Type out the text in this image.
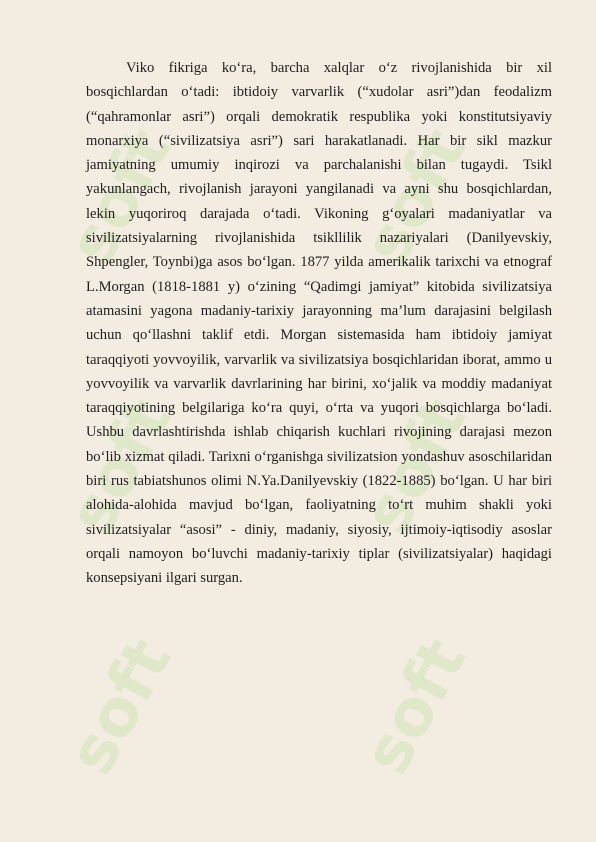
soft	soft
soft	soft
soft	soft

Viko fikriga ko‘ra, barcha xalqlar o‘z rivojlanishida bir xil bosqichlardan o‘tadi: ibtidoiy varvarlik (“xudolar asri”)dan feodalizm (“qahramonlar asri”) orqali demokratik respublika yoki konstitutsiyaviy monarxiya (“sivilizatsiya asri”) sari harakatlanadi. Har bir sikl mazkur jamiyatning umumiy inqirozi va parchalanishi bilan tugaydi. Tsikl yakunlangach, rivojlanish jarayoni yangilanadi va ayni shu bosqichlardan, lekin yuqoriroq darajada o‘tadi. Vikoning g‘oyalari madaniyatlar va sivilizatsiyalarning rivojlanishida tsikllilik nazariyalari (Danilyevskiy, Shpengler, Toynbi)ga asos bo‘lgan. 1877 yilda amerikalik tarixchi va etnograf L.Morgan (1818-1881 y) o‘zining “Qadimgi jamiyat” kitobida sivilizatsiya atamasini yagona madaniy-tarixiy jarayonning ma’lum darajasini belgilash uchun qo‘llashni taklif etdi. Morgan sistemasida ham ibtidoiy jamiyat taraqqiyoti yovvoyilik, varvarlik va sivilizatsiya bosqichlaridan iborat, ammo u yovvoyilik va varvarlik davrlarining har birini, xo‘jalik va moddiy madaniyat taraqqiyotining belgilariga ko‘ra quyi, o‘rta va yuqori bosqichlarga bo‘ladi. Ushbu davrlashtirishda ishlab chiqarish kuchlari rivojining darajasi mezon bo‘lib xizmat qiladi. Tarixni o‘rganishga sivilizatsion yondashuv asoschilaridan biri rus tabiatshunos olimi N.Ya.Danilyevskiy (1822-1885) bo‘lgan. U har biri alohida-alohida mavjud bo‘lgan, faoliyatning to‘rt muhim shakli yoki sivilizatsiyalar “asosi” - diniy, madaniy, siyosiy, ijtimoiy-iqtisodiy asoslar orqali namoyon bo‘luvchi madaniy-tarixiy tiplar (sivilizatsiyalar) haqidagi konsepsiyani ilgari surgan.
